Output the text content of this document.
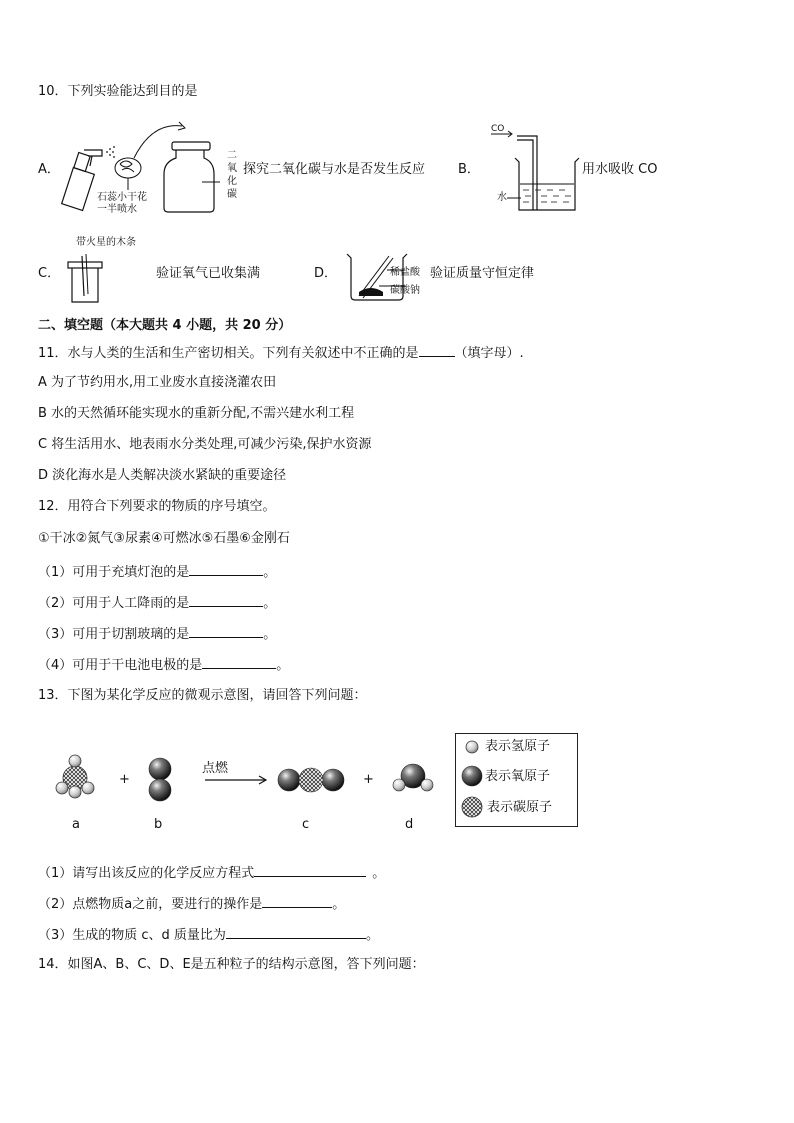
10．下列实验能达到目的是
A．
石蕊小干花
一半喷水
二
氧
化
碳
探究二氧化碳与水是否发生反应	B．
CO
水
用水吸收 CO
带火星的木条
C．	验证氧气已收集满	D．	稀盐酸
碳酸钠
验证质量守恒定律
二、填空题（本大题共 4 小题，共 20 分）
11．水与人类的生活和生产密切相关。下列有关叙述中不正确的是	（填字母）.
A 为了节约用水,用工业废水直接浇灌农田
B 水的天然循环能实现水的重新分配,不需兴建水利工程
C 将生活用水、地表雨水分类处理,可减少污染,保护水资源
D 淡化海水是人类解决淡水紧缺的重要途径
12．用符合下列要求的物质的序号填空。
①干冰②氮气③尿素④可燃冰⑤石墨⑥金刚石
（1）可用于充填灯泡的是	。
（2）可用于人工降雨的是	。
（3）可用于切割玻璃的是	。
（4）可用于干电池电极的是	。
13．下图为某化学反应的微观示意图，请回答下列问题：
+	+
点燃
a	b	c	d
表示氢原子
表示氧原子
表示碳原子
（1）请写出该反应的化学反应方程式	。
（2）点燃物质a之前，要进行的操作是	。
（3）生成的物质 c、d 质量比为	。
14．如图A、B、C、D、E是五种粒子的结构示意图，答下列问题：
